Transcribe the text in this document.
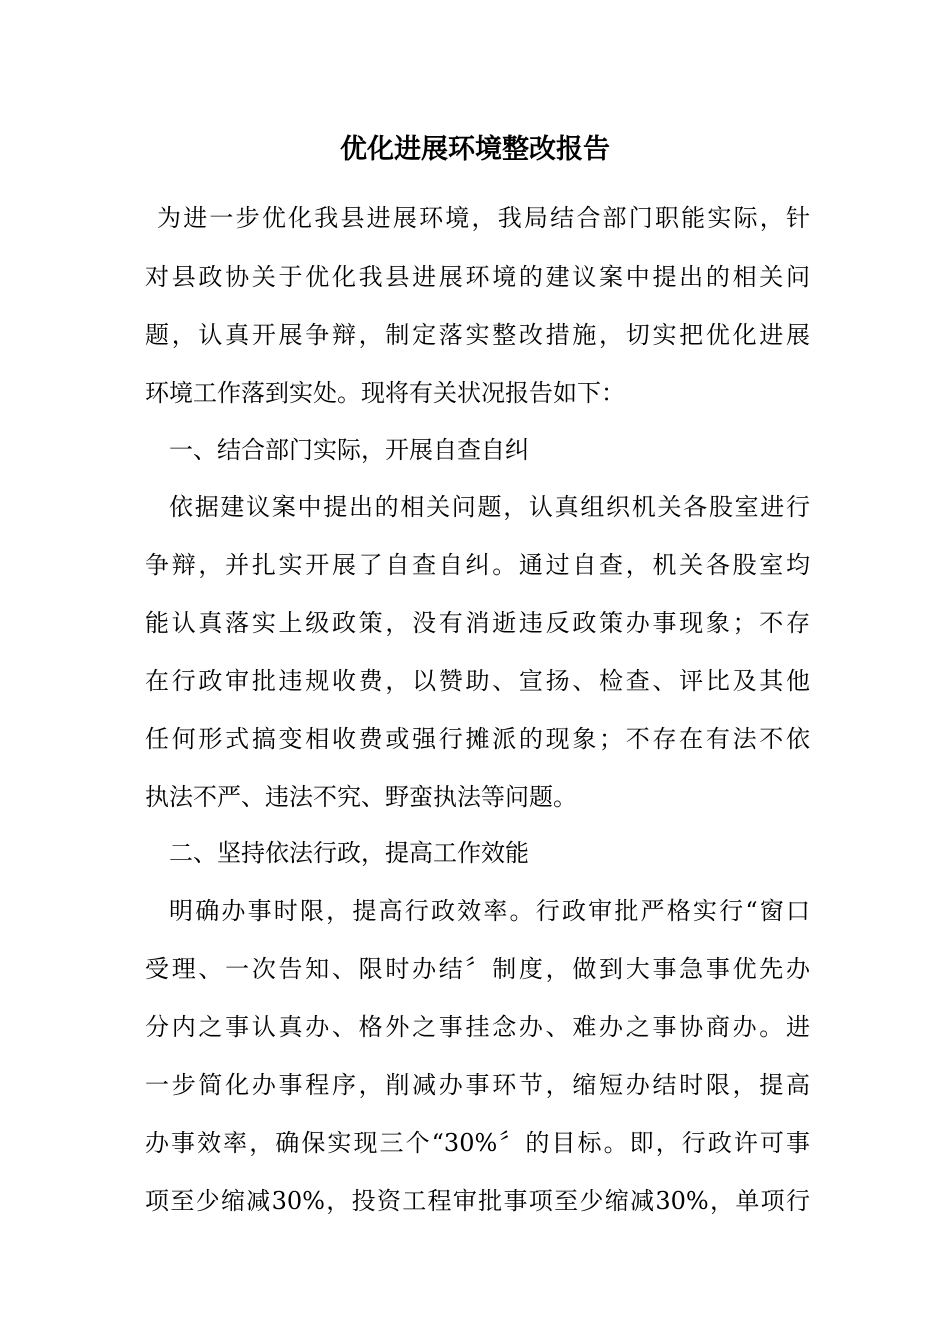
优化进展环境整改报告

为进一步优化我县进展环境，我局结合部门职能实际，针

对县政协关于优化我县进展环境的建议案中提出的相关问

题，认真开展争辩，制定落实整改措施，切实把优化进展

环境工作落到实处。现将有关状况报告如下：

一、结合部门实际，开展自查自纠

依据建议案中提出的相关问题，认真组织机关各股室进行

争辩，并扎实开展了自查自纠。通过自查，机关各股室均

能认真落实上级政策，没有消逝违反政策办事现象；不存

在行政审批违规收费，以赞助、宣扬、检查、评比及其他

任何形式搞变相收费或强行摊派的现象；不存在有法不依

执法不严、违法不究、野蛮执法等问题。

二、坚持依法行政，提高工作效能

明确办事时限，提高行政效率。行政审批严格实行“窗口

受理、一次告知、限时办结〞制度，做到大事急事优先办

分内之事认真办、格外之事挂念办、难办之事协商办。进

一步简化办事程序，削减办事环节，缩短办结时限，提高

办事效率，确保实现三个“30%〞的目标。即，行政许可事

项至少缩减30%，投资工程审批事项至少缩减30%，单项行
